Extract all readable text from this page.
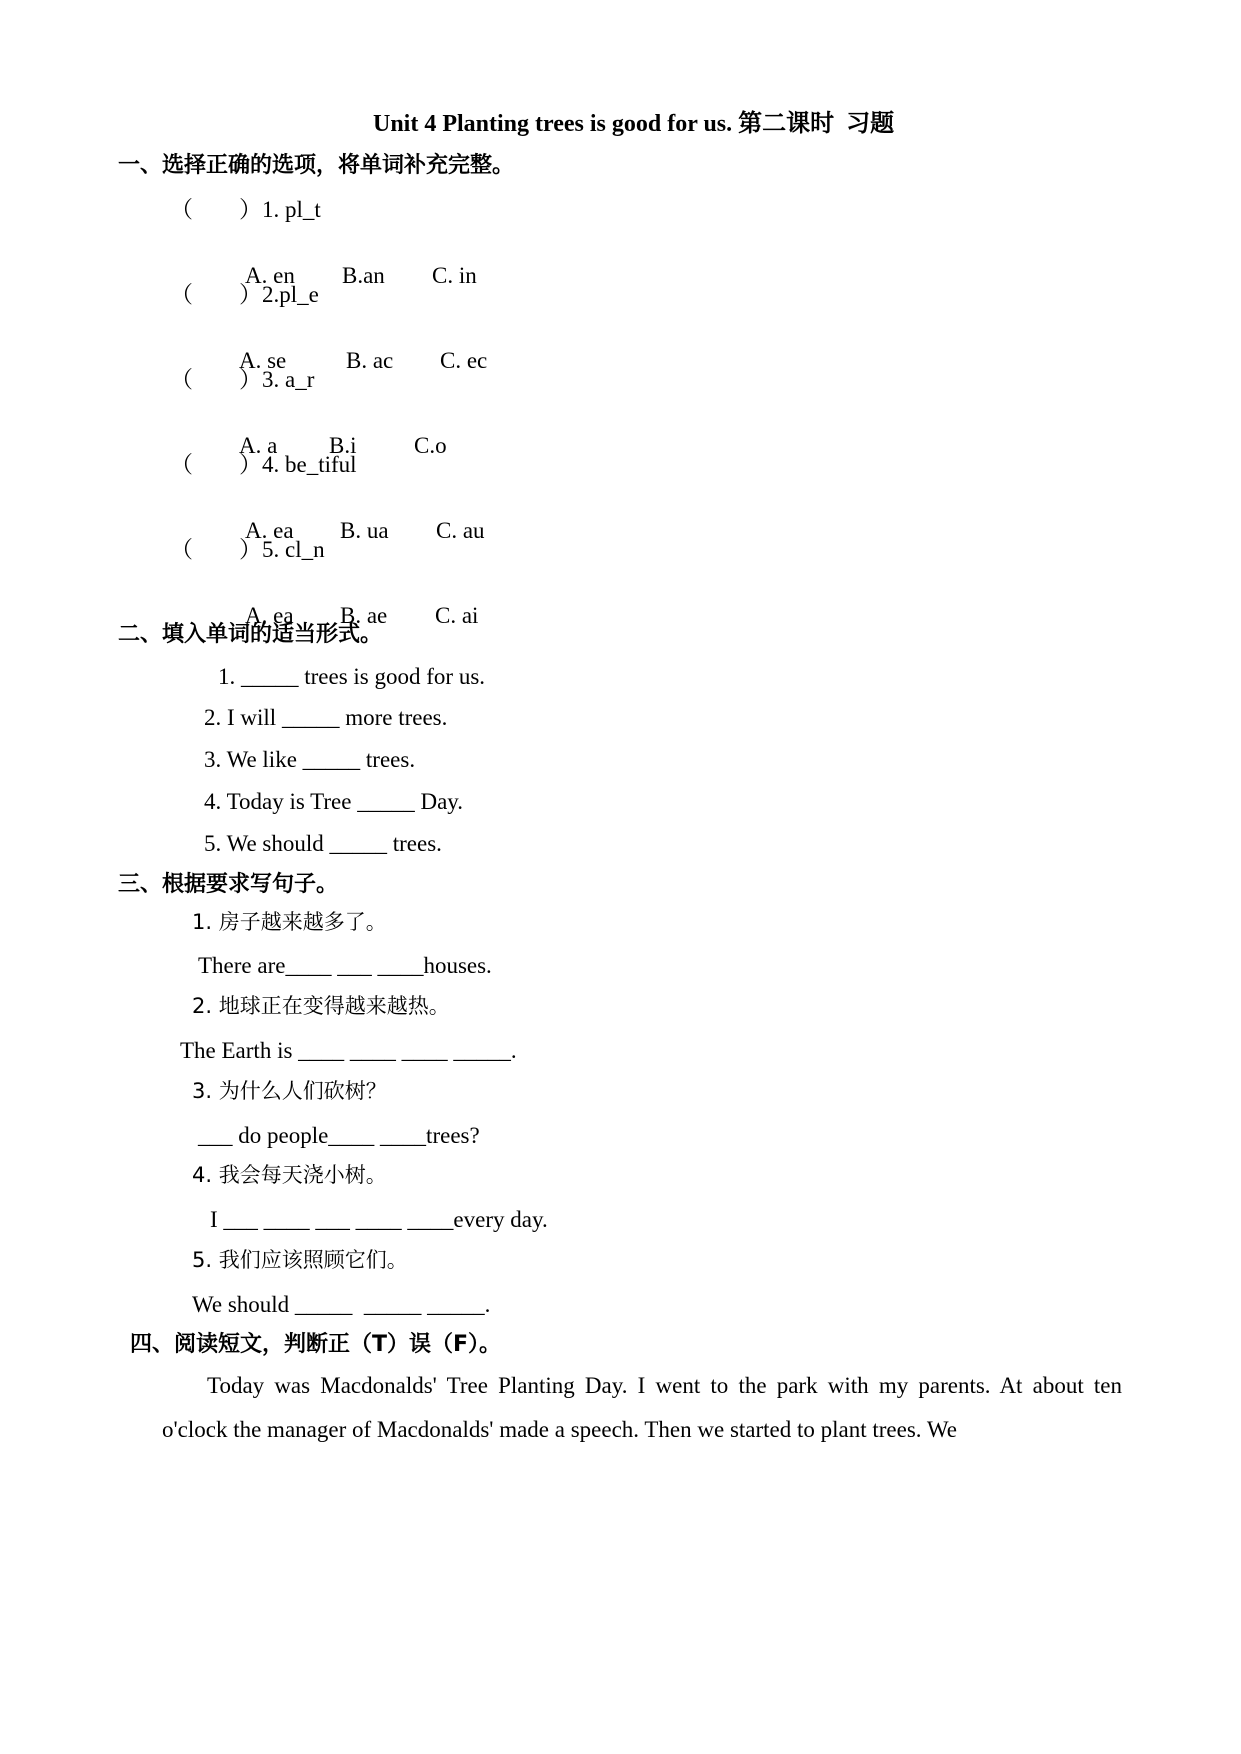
Unit 4 Planting trees is good for us. 第二课时  习题
一、选择正确的选项，将单词补充完整。
（        ）1. pl_t

A. en B.an C. in

（        ）2.pl_e

A. se	B. ac C. ec

（        ）3. a_r

A. a B.i	C.o

（        ）4. be_tiful

A. ea B. ua C. au

（        ）5. cl_n

A. ea B. ae C. ai

二、填入单词的适当形式。
1. _____ trees is good for us.
2. I will _____ more trees.
3. We like _____ trees.
4. Today is Tree _____ Day.
5. We should _____ trees.
三、根据要求写句子。
1. 房子越来越多了。
There are____ ___ ____houses.
2. 地球正在变得越来越热。
The Earth is ____ ____ ____ _____.
3. 为什么人们砍树？
___ do people____ ____trees?
4. 我会每天浇小树。
I ___ ____ ___ ____ ____every day.
5. 我们应该照顾它们。
We should _____  _____ _____.
四、阅读短文，判断正（T）误（F）。
Today was Macdonalds' Tree Planting Day. I went to the park with my parents. At about ten o'clock the manager of Macdonalds' made a speech. Then we started to plant trees. We
